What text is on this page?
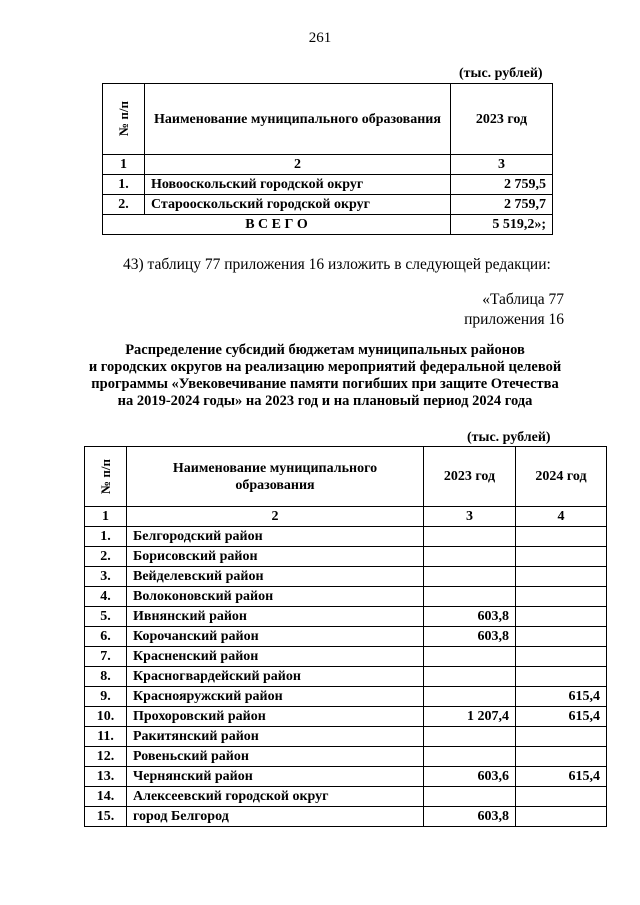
261
(тыс. рублей)
№ п/п	Наименование муниципального образования	2023 год
1	2	3
1.	Новооскольский городской округ	2 759,5
2.	Старооскольский городской округ	2 759,7
В С Е Г О		5 519,2»;
43) таблицу 77 приложения 16 изложить в следующей редакции:
«Таблица 77
приложения 16
Распределение субсидий бюджетам муниципальных районов
и городских округов на реализацию мероприятий федеральной целевой
программы «Увековечивание памяти погибших при защите Отечества
на 2019-2024 годы» на 2023 год и на плановый период 2024 года
(тыс. рублей)
№ п/п	Наименование муниципального образования	2023 год	2024 год
1	2	3	4
1.	Белгородский район		
2.	Борисовский район		
3.	Вейделевский район		
4.	Волоконовский район		
5.	Ивнянский район	603,8	
6.	Корочанский район	603,8	
7.	Красненский район		
8.	Красногвардейский район		
9.	Краснояружский район		615,4
10.	Прохоровский район	1 207,4	615,4
11.	Ракитянский район		
12.	Ровеньский район		
13.	Чернянский район	603,6	615,4
14.	Алексеевский городской округ		
15.	город Белгород	603,8	
